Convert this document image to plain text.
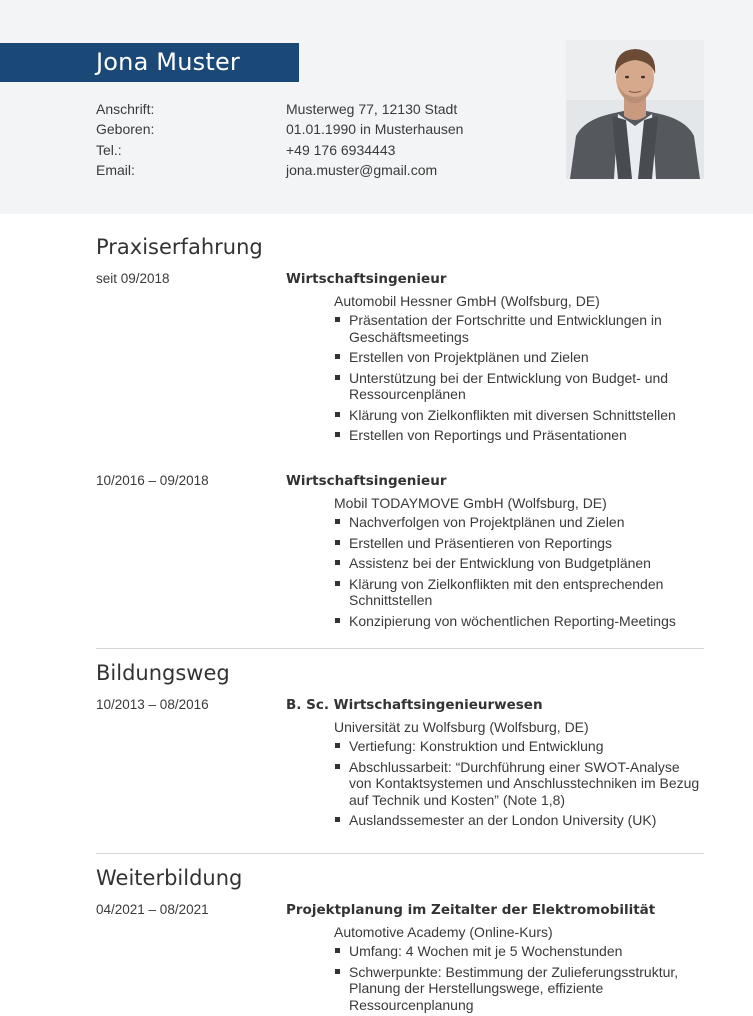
Jona Muster
Anschrift:	Musterweg 77, 12130 Stadt
Geboren:	01.01.1990 in Musterhausen
Tel.:	+49 176 6934443
Email:	jona.muster@gmail.com
Praxiserfahrung
seit 09/2018	Wirtschaftsingenieur
Automobil Hessner GmbH (Wolfsburg, DE)
Präsentation der Fortschritte und Entwicklungen in Geschäftsmeetings
Erstellen von Projektplänen und Zielen
Unterstützung bei der Entwicklung von Budget- und Ressourcenplänen
Klärung von Zielkonflikten mit diversen Schnittstellen
Erstellen von Reportings und Präsentationen
10/2016 – 09/2018	Wirtschaftsingenieur
Mobil TODAYMOVE GmbH (Wolfsburg, DE)
Nachverfolgen von Projektplänen und Zielen
Erstellen und Präsentieren von Reportings
Assistenz bei der Entwicklung von Budgetplänen
Klärung von Zielkonflikten mit den entsprechenden Schnittstellen
Konzipierung von wöchentlichen Reporting-Meetings
Bildungsweg
10/2013 – 08/2016	B. Sc. Wirtschaftsingenieurwesen
Universität zu Wolfsburg (Wolfsburg, DE)
Vertiefung: Konstruktion und Entwicklung
Abschlussarbeit: “Durchführung einer SWOT-Analyse von Kontaktsystemen und Anschlusstechniken im Bezug auf Technik und Kosten” (Note 1,8)
Auslandssemester an der London University (UK)
Weiterbildung
04/2021 – 08/2021	Projektplanung im Zeitalter der Elektromobilität
Automotive Academy (Online-Kurs)
Umfang: 4 Wochen mit je 5 Wochenstunden
Schwerpunkte: Bestimmung der Zulieferungsstruktur, Planung der Herstellungswege, effiziente Ressourcenplanung
